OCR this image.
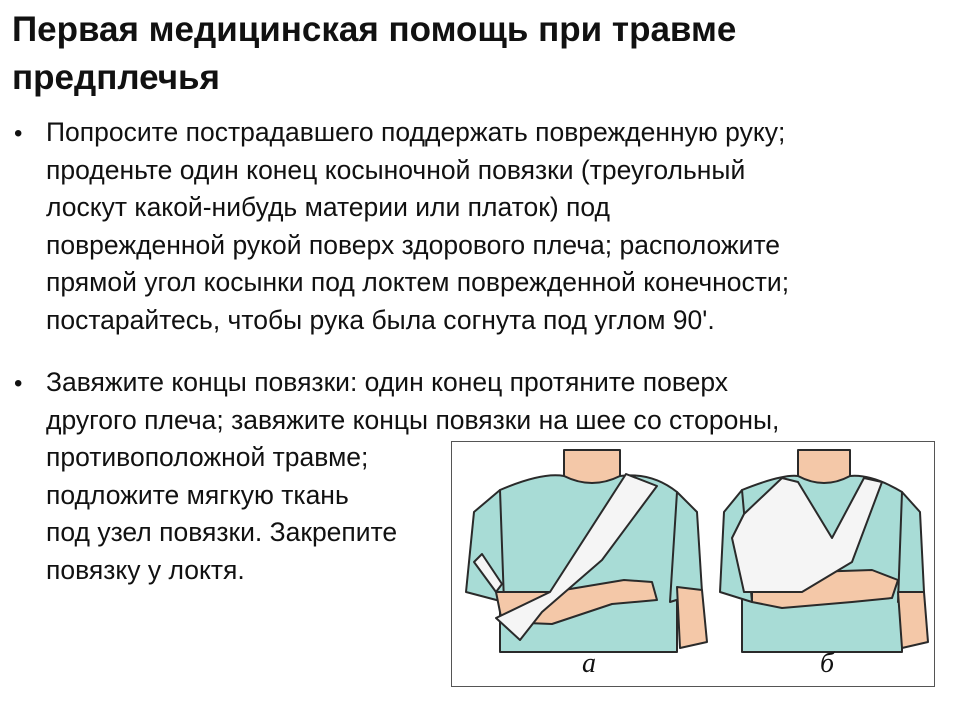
Первая медицинская помощь при травме предплечья
• Попросите пострадавшего поддержать поврежденную руку;
проденьте один конец косыночной повязки (треугольный
лоскут какой-нибудь материи или платок) под
поврежденной рукой поверх здорового плеча; расположите
прямой угол косынки под локтем поврежденной конечности;
постарайтесь, чтобы рука была согнута под углом 90'.

• Завяжите концы повязки: один конец протяните поверх
другого плеча; завяжите концы повязки на шее со стороны,
противоположной травме;
подложите мягкую ткань
под узел повязки. Закрепите
повязку у локтя.

а	б
